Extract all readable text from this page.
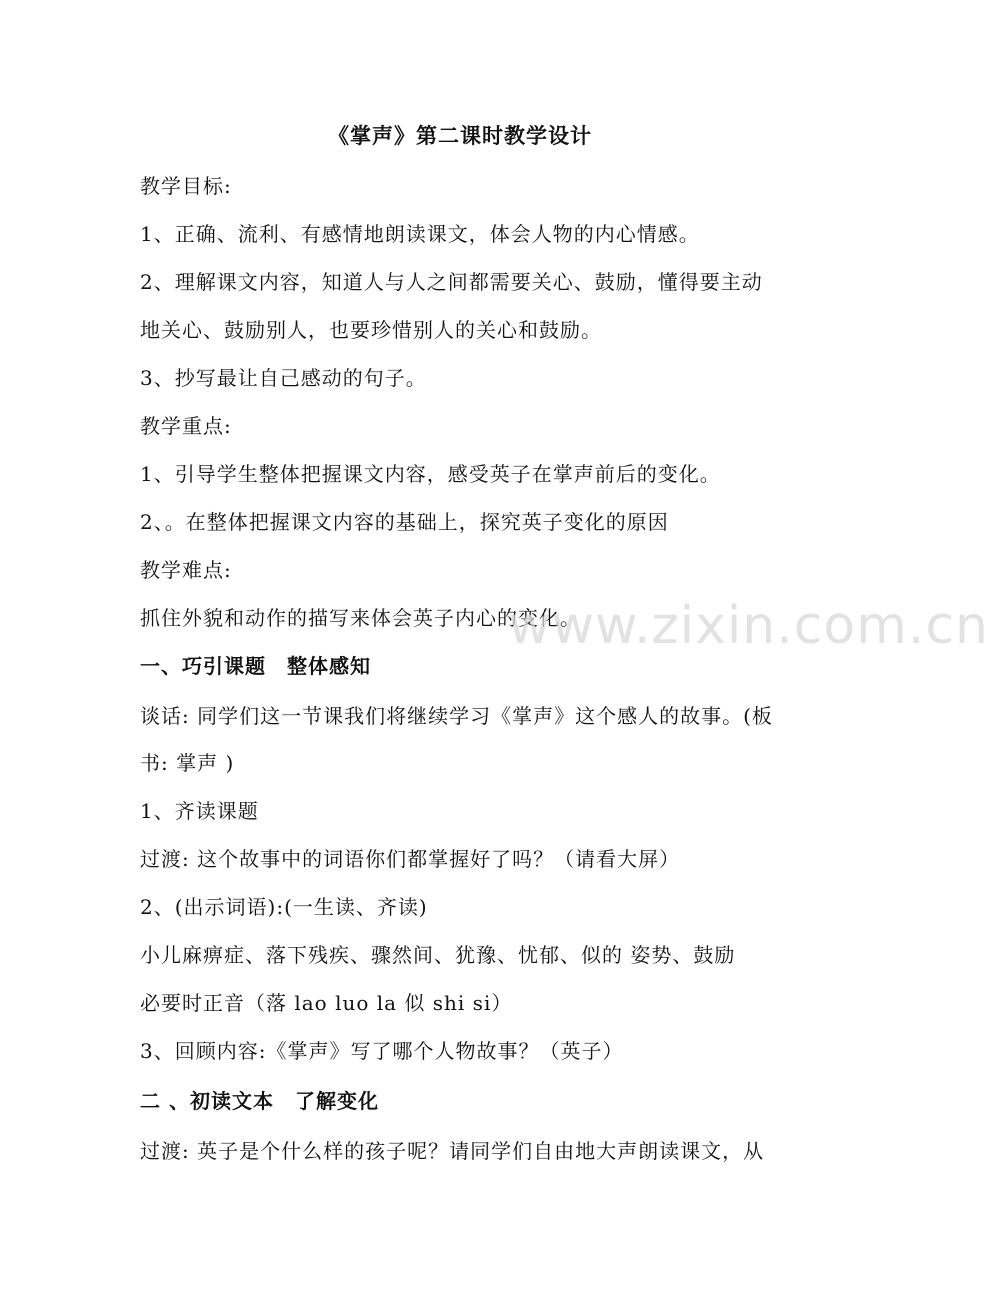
《掌声》第二课时教学设计
教学目标:
1、正确、流利、有感情地朗读课文，体会人物的内心情感。
2、理解课文内容，知道人与人之间都需要关心、鼓励，懂得要主动
地关心、鼓励别人，也要珍惜别人的关心和鼓励。
3、抄写最让自己感动的句子。
教学重点:
1、引导学生整体把握课文内容，感受英子在掌声前后的变化。
2、。在整体把握课文内容的基础上，探究英子变化的原因
教学难点:
抓住外貌和动作的描写来体会英子内心的变化。
一、巧引课题　整体感知
谈话: 同学们这一节课我们将继续学习《掌声》这个感人的故事。(板
书: 掌声 )
1、齐读课题
过渡: 这个故事中的词语你们都掌握好了吗？（请看大屏）
2、(出示词语):(一生读、齐读)
小儿麻痹症、落下残疾、骤然间、犹豫、忧郁、似的 姿势、鼓励
必要时正音（落 lao luo la 似 shi si）
3、回顾内容:《掌声》写了哪个人物故事？（英子）
二 、初读文本　了解变化
过渡: 英子是个什么样的孩子呢？请同学们自由地大声朗读课文，从
www.zixin.com.cn
